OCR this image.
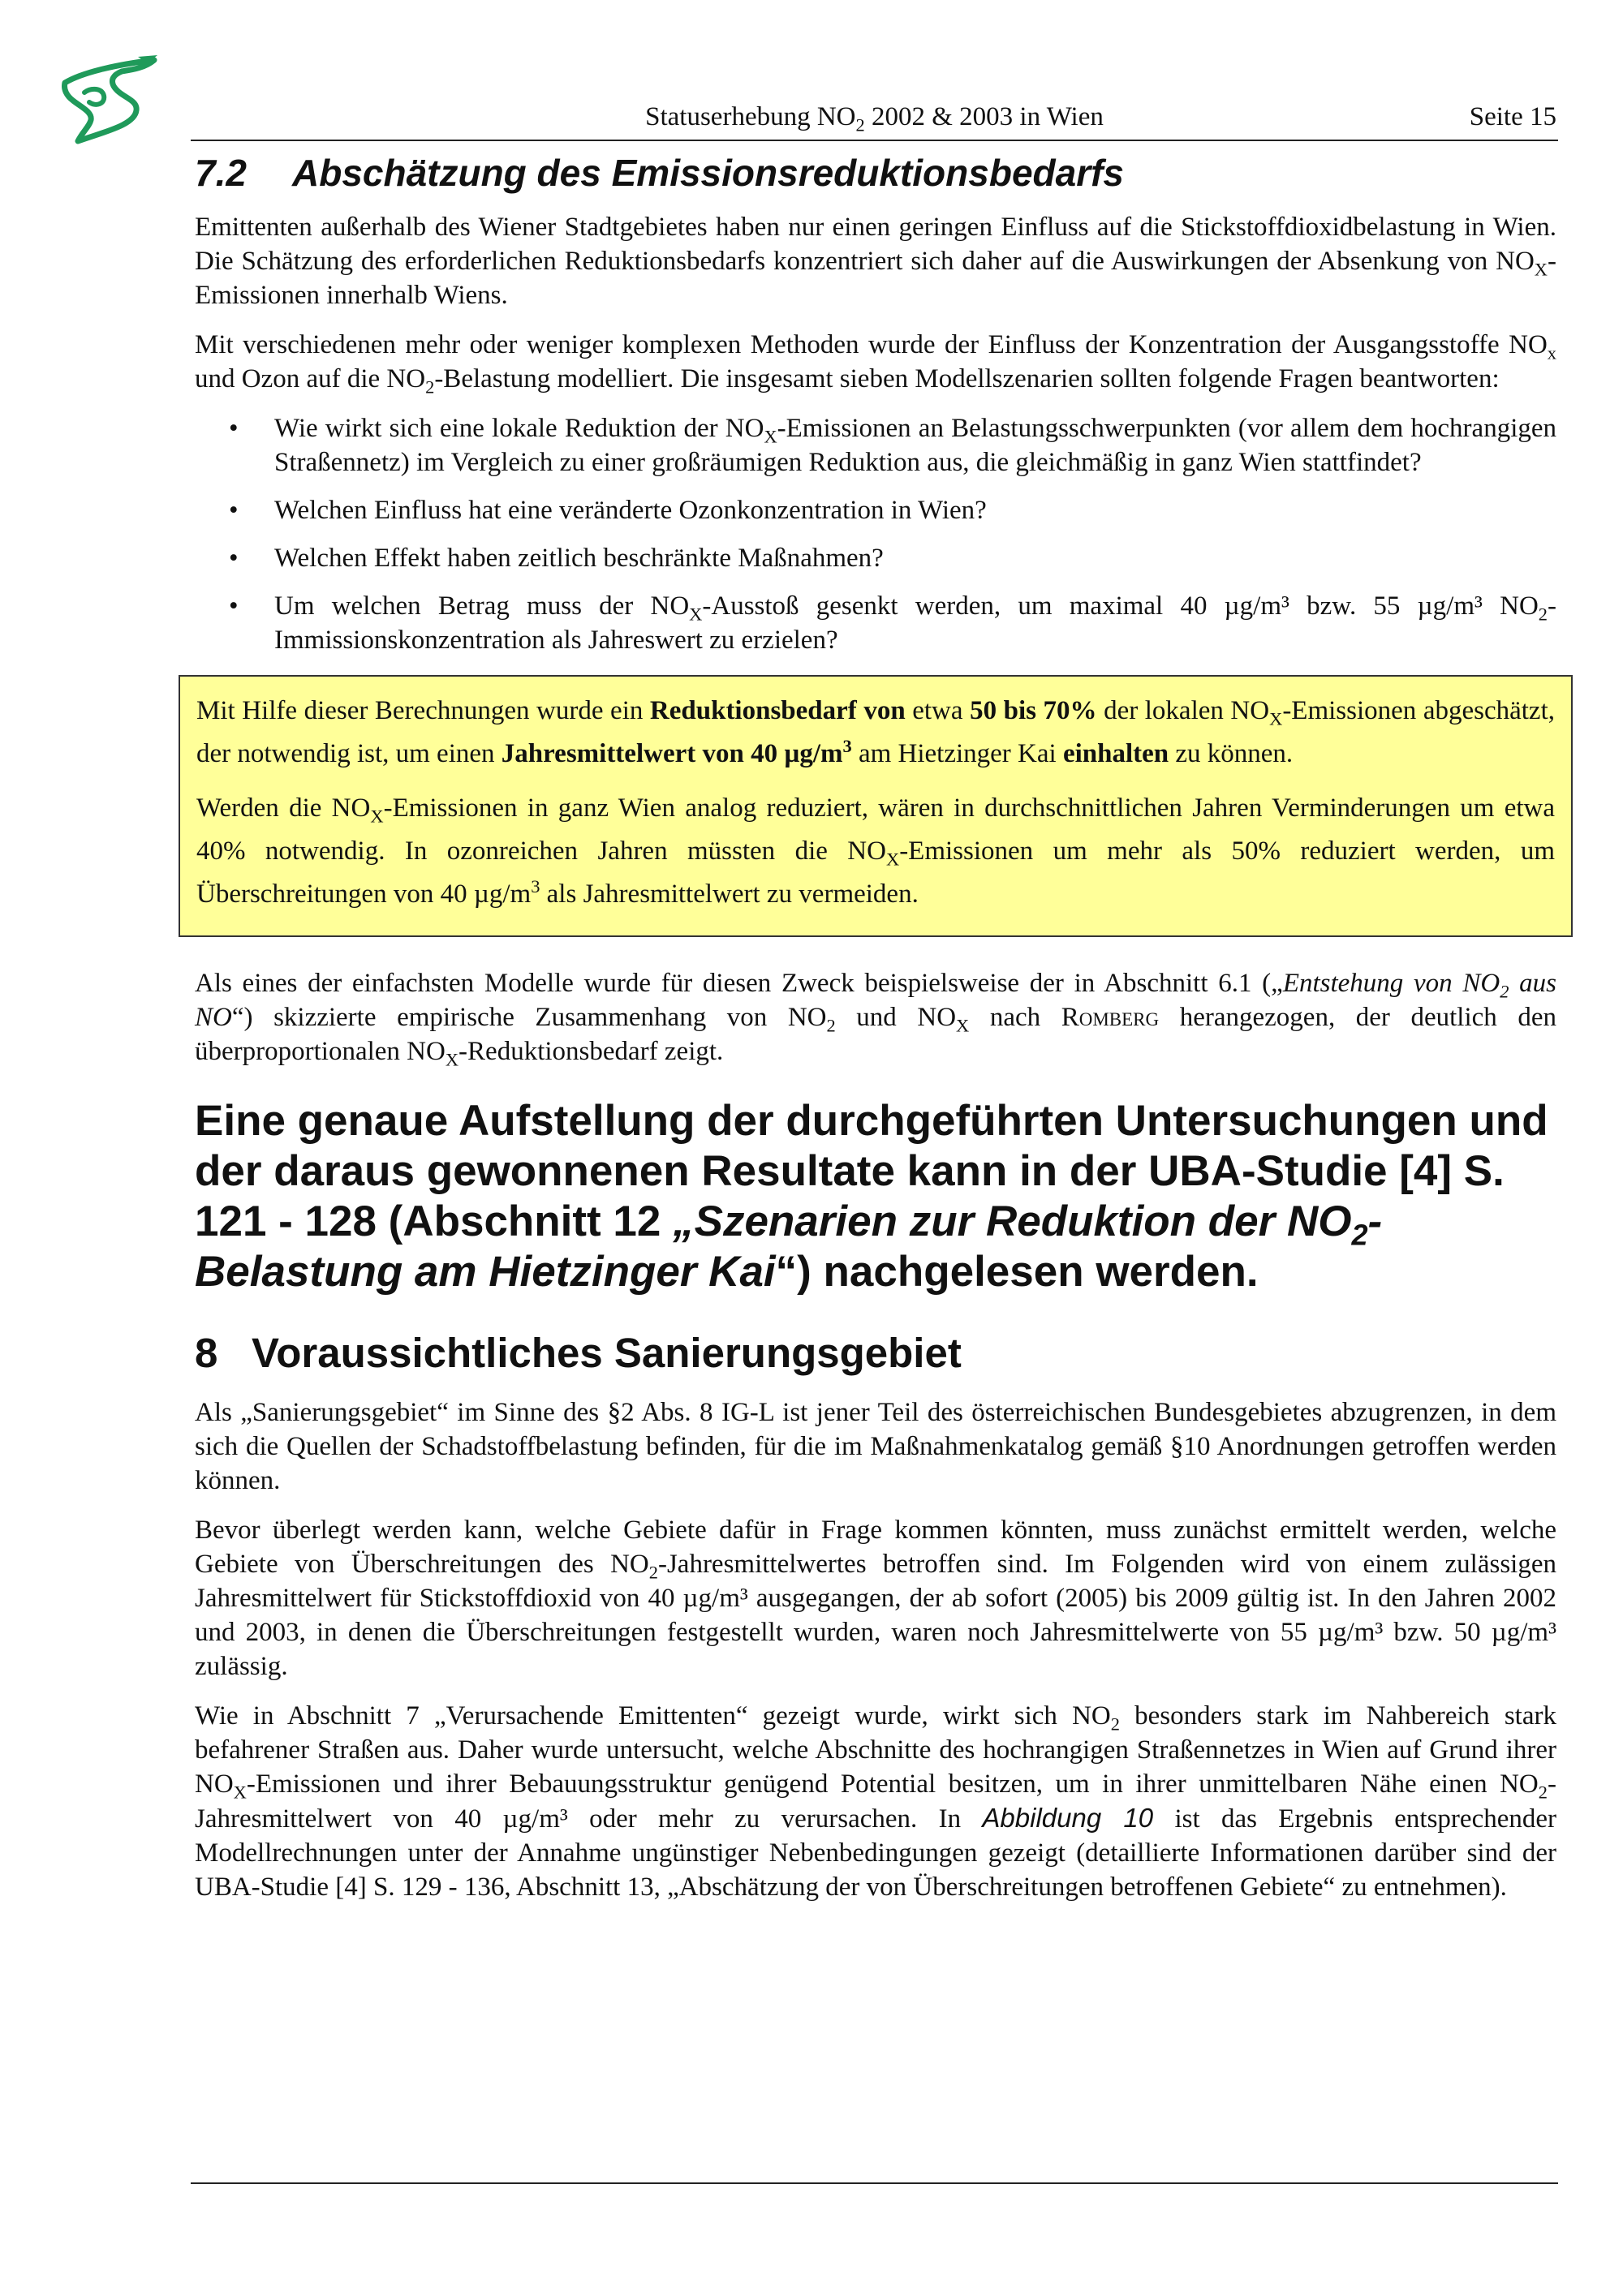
Statuserhebung $NO_2$ 2002 & 2003 in Wien	Seite 15
7.2 Abschätzung des Emissionsreduktionsbedarfs

Emittenten außerhalb des Wiener Stadtgebietes haben nur einen geringen Einfluss auf die Stickstoffdioxidbelastung in Wien. Die Schätzung des erforderlichen Reduktionsbedarfs konzentriert sich daher auf die Auswirkungen der Absenkung von $NO_X$-Emissionen innerhalb Wiens.

Mit verschiedenen mehr oder weniger komplexen Methoden wurde der Einfluss der Konzentration der Ausgangsstoffe $NO_x$ und Ozon auf die $NO_2$-Belastung modelliert. Die insgesamt sieben Modellszenarien sollten folgende Fragen beantworten:

• Wie wirkt sich eine lokale Reduktion der $NO_X$-Emissionen an Belastungsschwerpunkten (vor allem dem hochrangigen Straßennetz) im Vergleich zu einer großräumigen Reduktion aus, die gleichmäßig in ganz Wien stattfindet?
• Welchen Einfluss hat eine veränderte Ozonkonzentration in Wien?
• Welchen Effekt haben zeitlich beschränkte Maßnahmen?
• Um welchen Betrag muss der $NO_X$-Ausstoß gesenkt werden, um maximal 40 µg/m³ bzw. 55 µg/m³ $NO_2$-Immissionskonzentration als Jahreswert zu erzielen?

Mit Hilfe dieser Berechnungen wurde ein Reduktionsbedarf von etwa 50 bis 70% der lokalen $NO_X$-Emissionen abgeschätzt, der notwendig ist, um einen Jahresmittelwert von 40 $\mu g/m^3$ am Hietzinger Kai einhalten zu können.

Werden die $NO_X$-Emissionen in ganz Wien analog reduziert, wären in durchschnittlichen Jahren Verminderungen um etwa 40% notwendig. In ozonreichen Jahren müssten die $NO_X$-Emissionen um mehr als 50% reduziert werden, um Überschreitungen von 40 $\mu g/m^3$ als Jahresmittelwert zu vermeiden.

Als eines der einfachsten Modelle wurde für diesen Zweck beispielsweise der in Abschnitt 6.1 („Entstehung von $NO_2$ aus NO“) skizzierte empirische Zusammenhang von $NO_2$ und $NO_X$ nach Romberg herangezogen, der deutlich den überproportionalen $NO_X$-Reduktionsbedarf zeigt.

Eine genaue Aufstellung der durchgeführten Untersuchungen und der daraus gewonnenen Resultate kann in der UBA-Studie [4] S. 121 - 128 (Abschnitt 12 „Szenarien zur Reduktion der $NO_2$-Belastung am Hietzinger Kai“) nachgelesen werden.
8 Voraussichtliches Sanierungsgebiet

Als „Sanierungsgebiet“ im Sinne des §2 Abs. 8 IG-L ist jener Teil des österreichischen Bundesgebietes abzugrenzen, in dem sich die Quellen der Schadstoffbelastung befinden, für die im Maßnahmenkatalog gemäß §10 Anordnungen getroffen werden können.

Bevor überlegt werden kann, welche Gebiete dafür in Frage kommen könnten, muss zunächst ermittelt werden, welche Gebiete von Überschreitungen des $NO_2$-Jahresmittelwertes betroffen sind. Im Folgenden wird von einem zulässigen Jahresmittelwert für Stickstoffdioxid von 40 µg/m³ ausgegangen, der ab sofort (2005) bis 2009 gültig ist. In den Jahren 2002 und 2003, in denen die Überschreitungen festgestellt wurden, waren noch Jahresmittelwerte von 55 µg/m³ bzw. 50 µg/m³ zulässig.

Wie in Abschnitt 7 „Verursachende Emittenten“ gezeigt wurde, wirkt sich $NO_2$ besonders stark im Nahbereich stark befahrener Straßen aus. Daher wurde untersucht, welche Abschnitte des hochrangigen Straßennetzes in Wien auf Grund ihrer $NO_X$-Emissionen und ihrer Bebauungsstruktur genügend Potential besitzen, um in ihrer unmittelbaren Nähe einen $NO_2$-Jahresmittelwert von 40 µg/m³ oder mehr zu verursachen. In Abbildung 10 ist das Ergebnis entsprechender Modellrechnungen unter der Annahme ungünstiger Nebenbedingungen gezeigt (detaillierte Informationen darüber sind der UBA-Studie [4] S. 129 - 136, Abschnitt 13, „Abschätzung der von Überschreitungen betroffenen Gebiete“ zu entnehmen).
